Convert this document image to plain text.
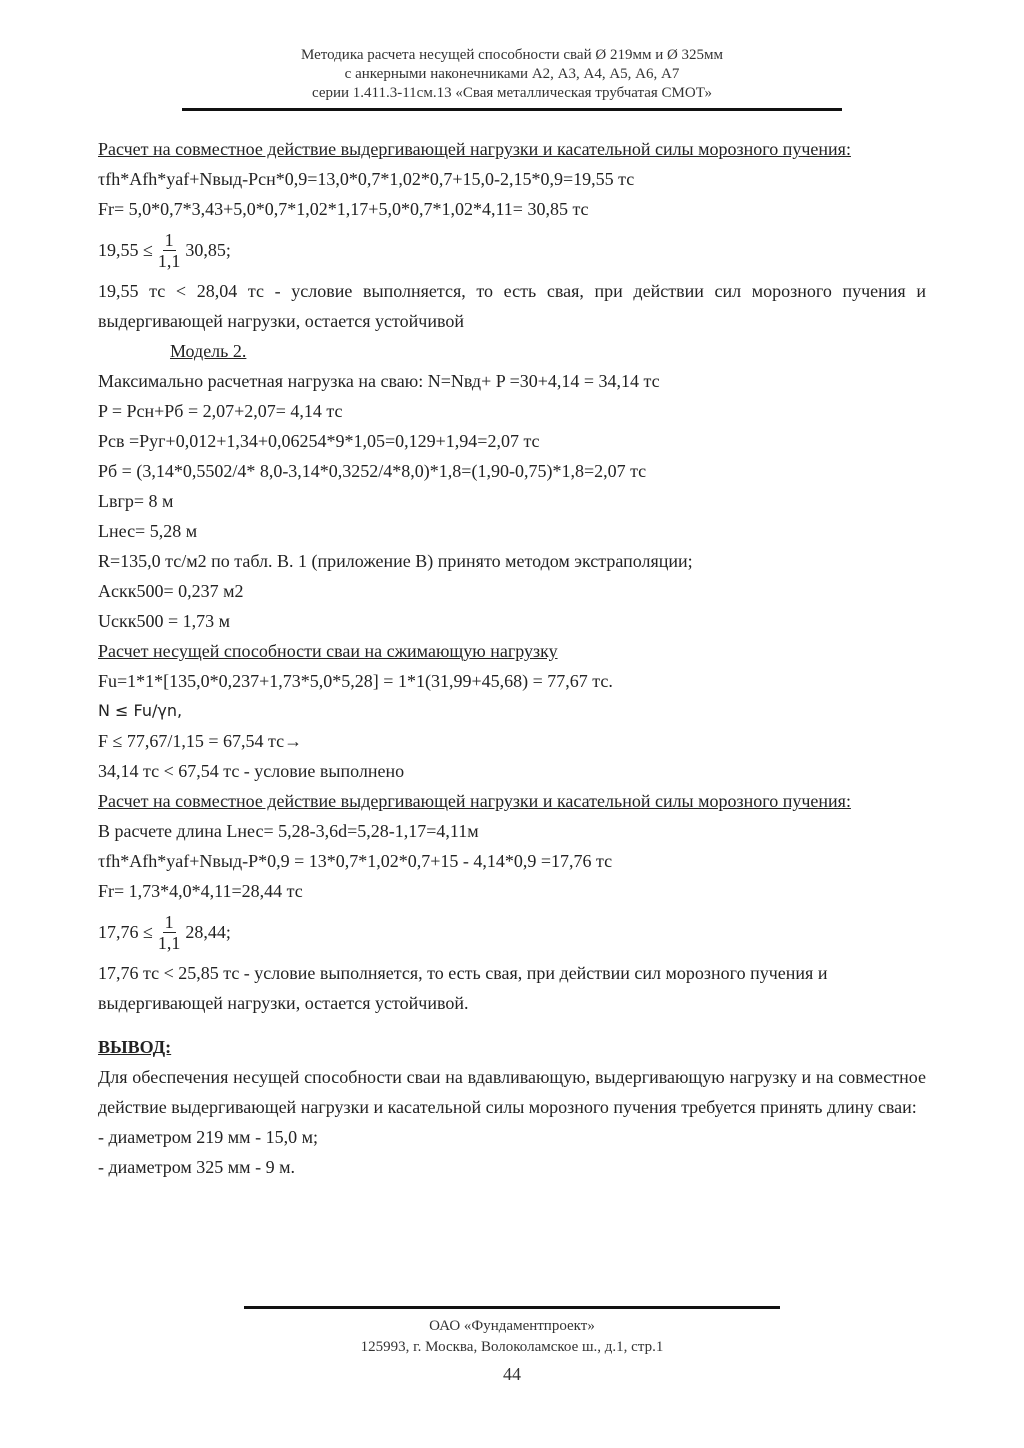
Методика расчета несущей способности свай Ø 219мм и Ø 325мм
с анкерными наконечниками А2, А3, А4, А5, А6, А7
серии 1.411.3-11см.13 «Свая металлическая трубчатая СМОТ»
Расчет на совместное действие выдергивающей нагрузки и касательной силы морозного пучения:
τfh*Afh*yaf+Nвыд-Pсн*0,9=13,0*0,7*1,02*0,7+15,0-2,15*0,9=19,55 тс
Fr= 5,0*0,7*3,43+5,0*0,7*1,02*1,17+5,0*0,7*1,02*4,11= 30,85 тс
$19,55 \le \frac{1}{1,1} 30,85$;
19,55 тс < 28,04 тс - условие выполняется, то есть свая, при действии сил морозного пучения и выдергивающей нагрузки, остается устойчивой
Модель 2.
Максимально расчетная нагрузка на сваю: N=Nвд+ P =30+4,14 = 34,14 тс
P = Pсн+Pб = 2,07+2,07= 4,14 тс
Pсв =Pуг+0,012+1,34+0,06254*9*1,05=0,129+1,94=2,07 тс
Pб = (3,14*0,5502/4* 8,0-3,14*0,3252/4*8,0)*1,8=(1,90-0,75)*1,8=2,07 тс
Lвгр= 8 м
Lнес= 5,28 м
R=135,0 тс/м2 по табл. В. 1 (приложение В) принято методом экстраполяции;
Aскк500= 0,237 м2
Uскк500 = 1,73 м
Расчет несущей способности сваи на сжимающую нагрузку
Fu=1*1*[135,0*0,237+1,73*5,0*5,28] = 1*1(31,99+45,68) = 77,67 тс.
N ≤ Fu/γn,
F ≤ 77,67/1,15 = 67,54 тс→
34,14 тс < 67,54 тс - условие выполнено
Расчет на совместное действие выдергивающей нагрузки и касательной силы морозного пучения:
В расчете длина Lнес= 5,28-3,6d=5,28-1,17=4,11м
τfh*Afh*yaf+Nвыд-P*0,9 = 13*0,7*1,02*0,7+15 - 4,14*0,9 =17,76 тс
Fr= 1,73*4,0*4,11=28,44 тс
$17,76 \le \frac{1}{1,1} 28,44$;
17,76 тс < 25,85 тс - условие выполняется, то есть свая, при действии сил морозного пучения и выдергивающей нагрузки, остается устойчивой.
ВЫВОД:
Для обеспечения несущей способности сваи на вдавливающую, выдергивающую нагрузку и на совместное действие выдергивающей нагрузки и касательной силы морозного пучения требуется принять длину сваи:
- диаметром 219 мм - 15,0 м;
- диаметром 325 мм - 9 м.
ОАО «Фундаментпроект»
125993, г. Москва, Волоколамское ш., д.1, стр.1
44
